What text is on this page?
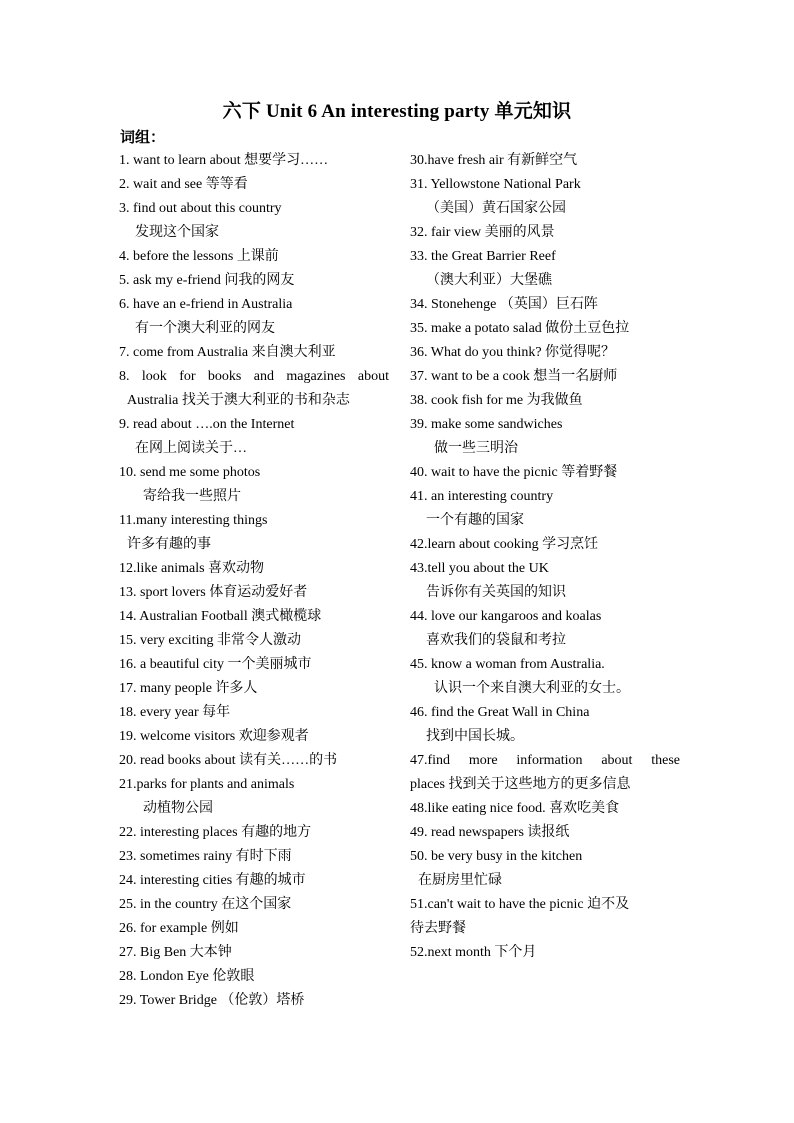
六下 Unit 6 An interesting party 单元知识
词组：
1. want to learn about 想要学习……
2. wait and see 等等看
3. find out about this country
发现这个国家
4. before the lessons 上课前
5. ask my e-friend 问我的网友
6. have an e-friend in Australia
有一个澳大利亚的网友
7. come from Australia 来自澳大利亚
8. look for books and magazines about
Australia 找关于澳大利亚的书和杂志
9. read about ….on the Internet
在网上阅读关于…
10. send me some photos
寄给我一些照片
11.many interesting things
许多有趣的事
12.like animals 喜欢动物
13. sport lovers 体育运动爱好者
14. Australian Football 澳式橄榄球
15. very exciting 非常令人激动
16. a beautiful city 一个美丽城市
17. many people 许多人
18. every year 每年
19. welcome visitors 欢迎参观者
20. read books about 读有关……的书
21.parks for plants and animals
动植物公园
22. interesting places 有趣的地方
23. sometimes rainy 有时下雨
24. interesting cities 有趣的城市
25. in the country 在这个国家
26. for example 例如
27. Big Ben 大本钟
28. London Eye 伦敦眼
29. Tower Bridge （伦敦）塔桥
30.have fresh air 有新鲜空气
31. Yellowstone National Park
（美国）黄石国家公园
32. fair view 美丽的风景
33. the Great Barrier Reef
（澳大利亚）大堡礁
34. Stonehenge （英国）巨石阵
35. make a potato salad 做份土豆色拉
36. What do you think? 你觉得呢？
37. want to be a cook 想当一名厨师
38. cook fish for me 为我做鱼
39. make some sandwiches
做一些三明治
40. wait to have the picnic 等着野餐
41. an interesting country
一个有趣的国家
42.learn about cooking 学习烹饪
43.tell you about the UK
告诉你有关英国的知识
44. love our kangaroos and koalas
喜欢我们的袋鼠和考拉
45. know a woman from Australia.
认识一个来自澳大利亚的女士。
46. find the Great Wall in China
找到中国长城。
47.find more information about these
places 找到关于这些地方的更多信息
48.like eating nice food. 喜欢吃美食
49. read newspapers 读报纸
50. be very busy in the kitchen
在厨房里忙碌
51.can't wait to have the picnic 迫不及
待去野餐
52.next month 下个月
